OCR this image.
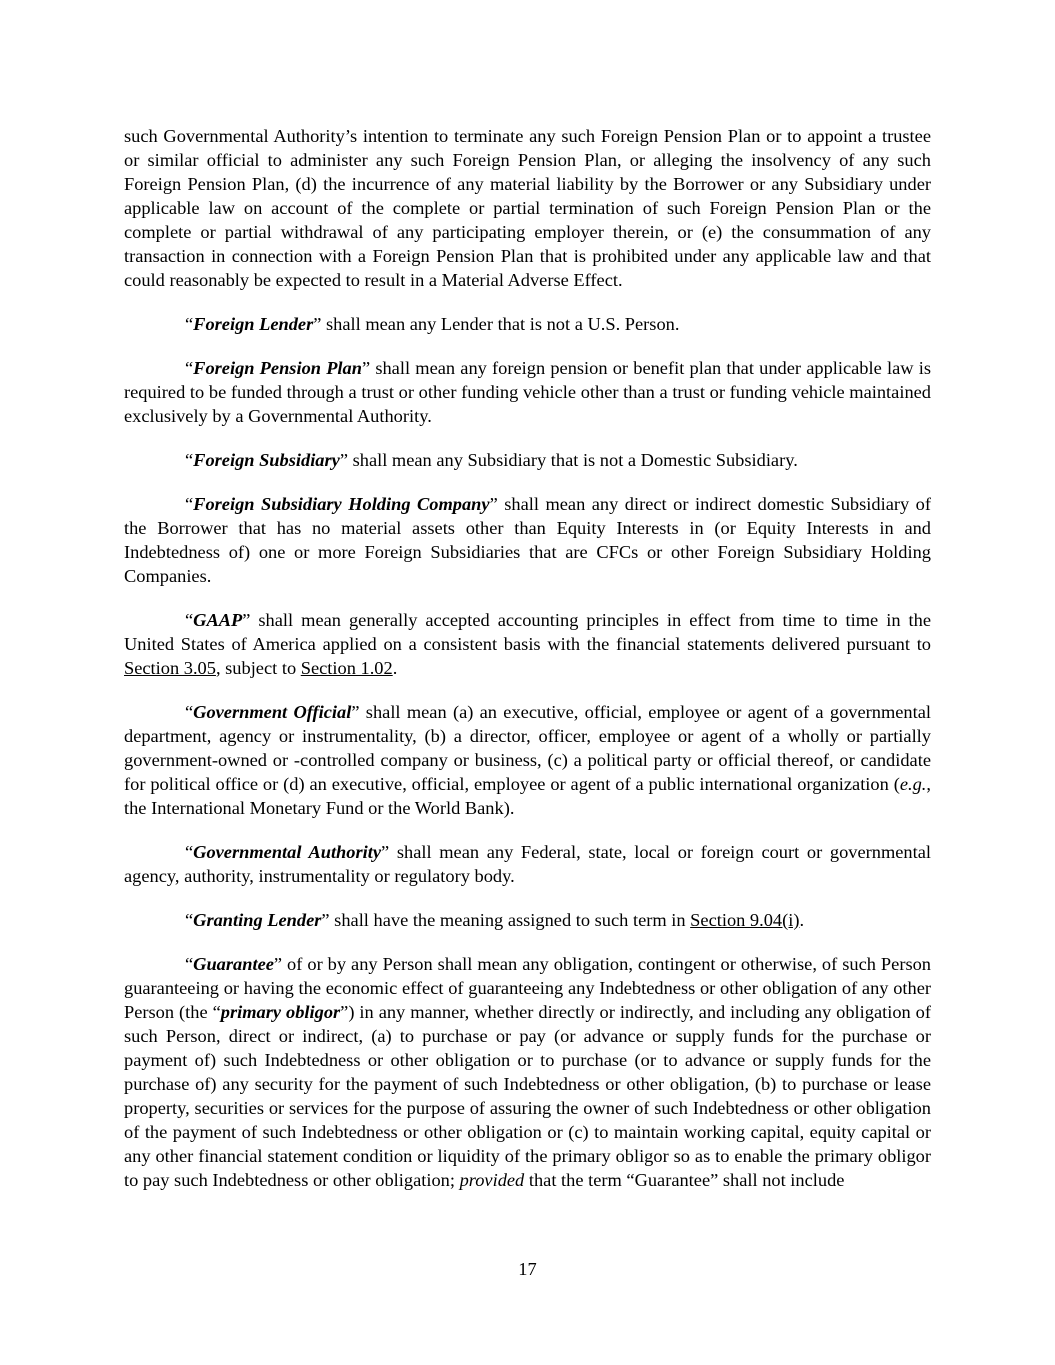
such Governmental Authority’s intention to terminate any such Foreign Pension Plan or to appoint a trustee or similar official to administer any such Foreign Pension Plan, or alleging the insolvency of any such Foreign Pension Plan, (d) the incurrence of any material liability by the Borrower or any Subsidiary under applicable law on account of the complete or partial termination of such Foreign Pension Plan or the complete or partial withdrawal of any participating employer therein, or (e) the consummation of any transaction in connection with a Foreign Pension Plan that is prohibited under any applicable law and that could reasonably be expected to result in a Material Adverse Effect.

“Foreign Lender” shall mean any Lender that is not a U.S. Person.

“Foreign Pension Plan” shall mean any foreign pension or benefit plan that under applicable law is required to be funded through a trust or other funding vehicle other than a trust or funding vehicle maintained exclusively by a Governmental Authority.

“Foreign Subsidiary” shall mean any Subsidiary that is not a Domestic Subsidiary.

“Foreign Subsidiary Holding Company” shall mean any direct or indirect domestic Subsidiary of the Borrower that has no material assets other than Equity Interests in (or Equity Interests in and Indebtedness of) one or more Foreign Subsidiaries that are CFCs or other Foreign Subsidiary Holding Companies.

“GAAP” shall mean generally accepted accounting principles in effect from time to time in the United States of America applied on a consistent basis with the financial statements delivered pursuant to Section 3.05, subject to Section 1.02.

“Government Official” shall mean (a) an executive, official, employee or agent of a governmental department, agency or instrumentality, (b) a director, officer, employee or agent of a wholly or partially government-owned or -controlled company or business, (c) a political party or official thereof, or candidate for political office or (d) an executive, official, employee or agent of a public international organization (e.g., the International Monetary Fund or the World Bank).

“Governmental Authority” shall mean any Federal, state, local or foreign court or governmental agency, authority, instrumentality or regulatory body.

“Granting Lender” shall have the meaning assigned to such term in Section 9.04(i).

“Guarantee” of or by any Person shall mean any obligation, contingent or otherwise, of such Person guaranteeing or having the economic effect of guaranteeing any Indebtedness or other obligation of any other Person (the “primary obligor”) in any manner, whether directly or indirectly, and including any obligation of such Person, direct or indirect, (a) to purchase or pay (or advance or supply funds for the purchase or payment of) such Indebtedness or other obligation or to purchase (or to advance or supply funds for the purchase of) any security for the payment of such Indebtedness or other obligation, (b) to purchase or lease property, securities or services for the purpose of assuring the owner of such Indebtedness or other obligation of the payment of such Indebtedness or other obligation or (c) to maintain working capital, equity capital or any other financial statement condition or liquidity of the primary obligor so as to enable the primary obligor to pay such Indebtedness or other obligation; provided that the term “Guarantee” shall not include

17
